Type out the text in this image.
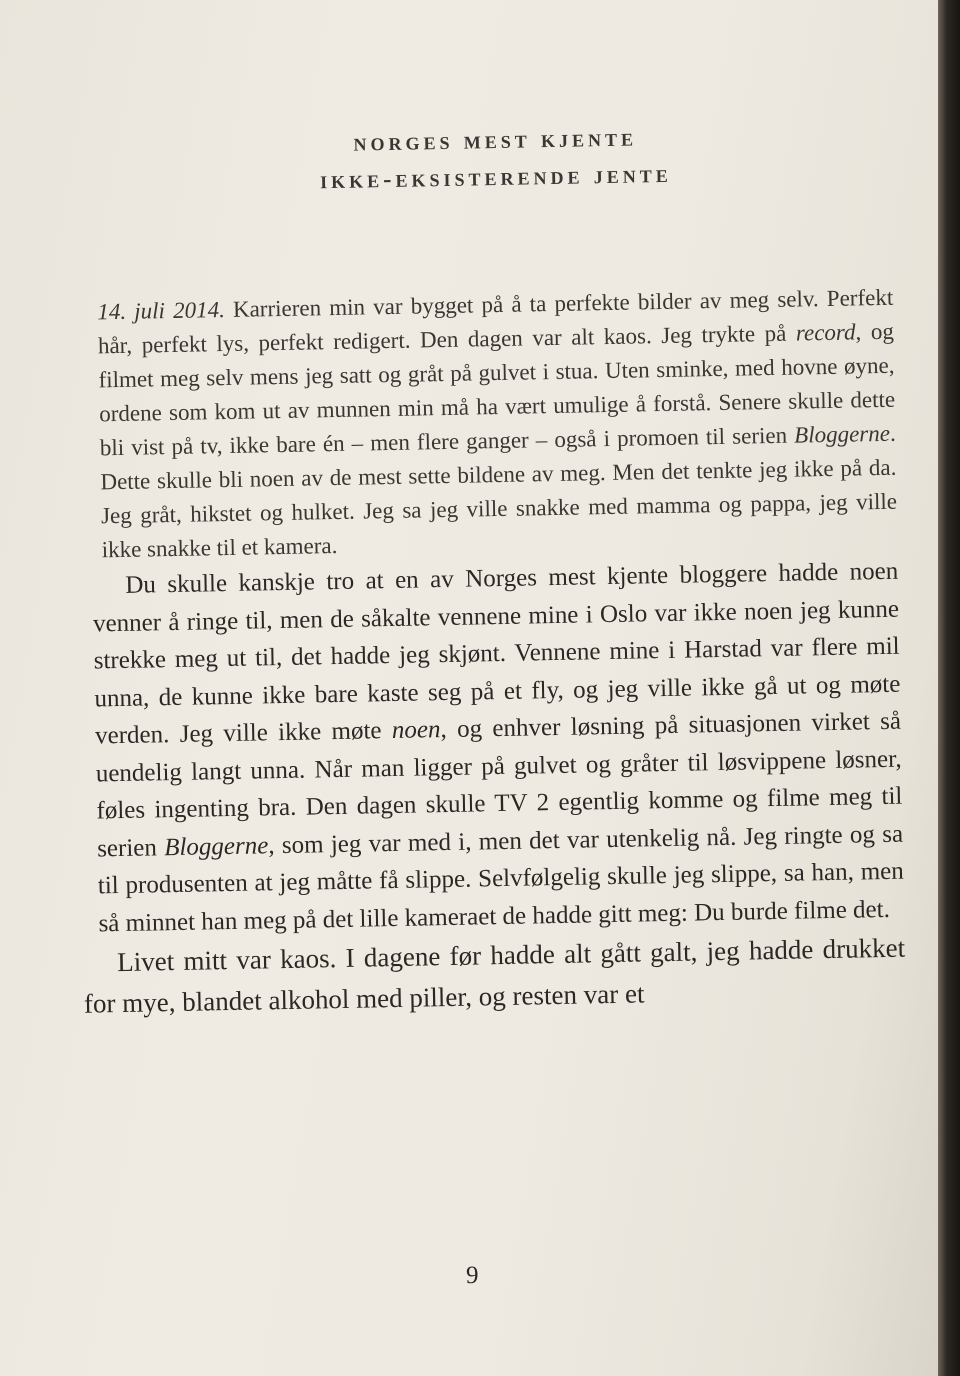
norges mest kjente
ikke-eksisterende jente

14. juli 2014. Karrieren min var bygget på å ta perfekte bilder av meg selv. Perfekt hår, perfekt lys, perfekt redigert. Den dagen var alt kaos. Jeg trykte på record, og filmet meg selv mens jeg satt og gråt på gulvet i stua. Uten sminke, med hovne øyne, ordene som kom ut av munnen min må ha vært umulige å forstå. Senere skulle dette bli vist på tv, ikke bare én – men flere ganger – også i promoen til serien Bloggerne. Dette skulle bli noen av de mest sette bildene av meg. Men det tenkte jeg ikke på da. Jeg gråt, hikstet og hulket. Jeg sa jeg ville snakke med mamma og pappa, jeg ville ikke snakke til et kamera.

Du skulle kanskje tro at en av Norges mest kjente bloggere hadde noen venner å ringe til, men de såkalte vennene mine i Oslo var ikke noen jeg kunne strekke meg ut til, det hadde jeg skjønt. Vennene mine i Harstad var flere mil unna, de kunne ikke bare kaste seg på et fly, og jeg ville ikke gå ut og møte verden. Jeg ville ikke møte noen, og enhver løsning på situasjonen virket så uendelig langt unna. Når man ligger på gulvet og gråter til løsvippene løsner, føles ingenting bra. Den dagen skulle TV 2 egentlig komme og filme meg til serien Bloggerne, som jeg var med i, men det var utenkelig nå. Jeg ringte og sa til produsenten at jeg måtte få slippe. Selvfølgelig skulle jeg slippe, sa han, men så minnet han meg på det lille kameraet de hadde gitt meg: Du burde filme det.

Livet mitt var kaos. I dagene før hadde alt gått galt, jeg hadde drukket for mye, blandet alkohol med piller, og resten var et

9
